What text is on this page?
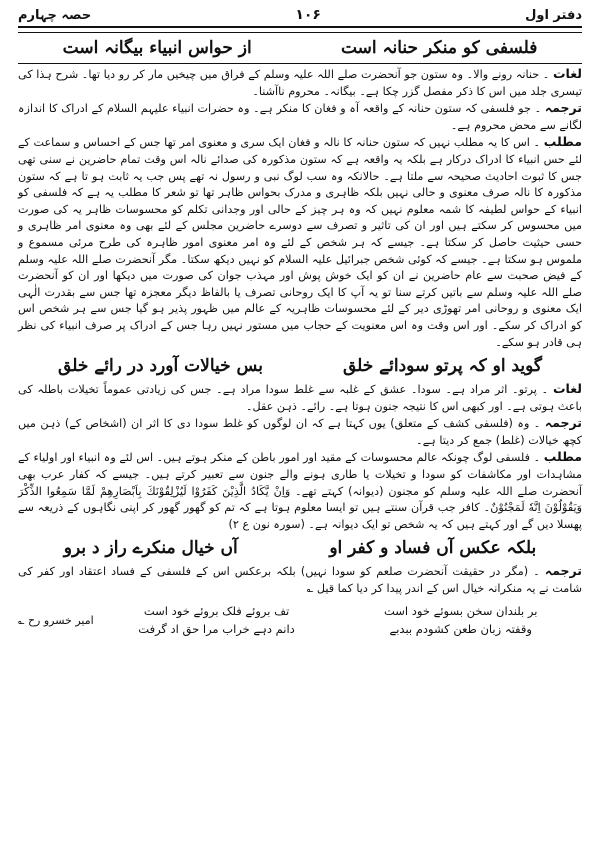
دفتر اول
۱۰۶
حصہ چہارم
فلسفی کو منکر حنانہ است
از حواس انبیاء بیگانہ است

لغات ۔ حنانہ رونے والا۔ وہ ستون جو آنحضرت صلے اللہ علیہ وسلم کے فراق میں چیخیں مار کر رو دیا تھا۔ شرح ہذا کی تیسری جلد میں اس کا ذکر مفصل گزر چکا ہے۔ بیگانہ۔ محروم ناآشنا۔

ترجمہ ۔ جو فلسفی کہ ستون حنانہ کے واقعہ آہ و فغان کا منکر ہے۔ وہ حضرات انبیاء علیہم السلام کے ادراک کا اندازہ لگانے سے محض محروم ہے۔

مطلب ۔ اس کا یہ مطلب نہیں کہ ستون حنانہ کا نالہ و فغان ایک سری و معنوی امر تھا جس کے احساس و سماعت کے لئے حس انبیاء کا ادراک درکار ہے بلکہ یہ واقعہ ہے کہ ستون مذکورہ کی صدائے نالہ اس وقت تمام حاضرین نے سنی تھی جس کا ثبوت احادیث صحیحہ سے ملتا ہے۔ حالانکہ وہ سب لوگ نبی و رسول نہ تھے پس جب یہ ثابت ہو تا ہے کہ ستون مذکورہ کا نالہ صرف معنوی و حالی نہیں بلکہ ظاہری و مدرک بحواس ظاہر تھا تو شعر کا مطلب یہ ہے کہ فلسفی کو انبیاء کے حواس لطیفہ کا شمہ معلوم نہیں کہ وہ ہر چیز کے حالی اور وجدانی تکلم کو محسوسات ظاہر یہ کی صورت میں محسوس کر سکتے ہیں اور ان کی تاثیر و تصرف سے دوسرے حاضرین مجلس کے لئے بھی وہ معنوی امر ظاہری و حسی حیثیت حاصل کر سکتا ہے۔ جیسے کہ ہر شخص کے لئے وہ امر معنوی امور ظاہرہ کی طرح مرئی مسموع و ملموس ہو سکتا ہے۔ جیسے کہ کوئی شخص جبرائیل علیہ السلام کو نہیں دیکھ سکتا۔ مگر آنحضرت صلے اللہ علیہ وسلم کے فیض صحبت سے عام حاضرین نے ان کو ایک خوش پوش اور مہذب جوان کی صورت میں دیکھا اور ان کو آنحضرت صلے اللہ علیہ وسلم سے باتیں کرتے سنا تو یہ آپ کا ایک روحانی تصرف یا بالفاظ دیگر معجزہ تھا جس سے بقدرت الٰہی ایک معنوی و روحانی امر تھوڑی دیر کے لئے محسوسات ظاہریہ کے عالم میں ظہور پذیر ہو گیا جس سے ہر شخص اس کو ادراک کر سکے۔ اور اس وقت وہ اس معنویت کے حجاب میں مستور نہیں رہا جس کے ادراک پر صرف انبیاء کی نظر ہی قادر ہو سکے۔

گوید او کہ پرتو سودائے خلق
بس خیالات آورد در رائے خلق

لغات ۔ پرتو۔ اثر مراد ہے۔ سودا۔ عشق کے غلبہ سے غلط سودا مراد ہے۔ جس کی زیادتی عموماً تخیلات باطلہ کی باعث ہوتی ہے۔ اور کبھی اس کا نتیجہ جنون ہوتا ہے۔ رائے۔ ذہن عقل۔

ترجمہ ۔ وہ (فلسفی کشف کے متعلق) یوں کہتا ہے کہ ان لوگوں کو غلط سودا دی کا اثر ان (اشخاص کے) ذہن میں کچھ خیالات (غلط) جمع کر دیتا ہے۔

مطلب ۔ فلسفی لوگ چونکہ عالم محسوسات کے مقید اور امور باطن کے منکر ہوتے ہیں۔ اس لئے وہ انبیاء اور اولیاء کے مشاہدات اور مکاشفات کو سودا و تخیلات یا طاری ہونے والے جنون سے تعبیر کرتے ہیں۔ جیسے کہ کفار عرب بھی آنحضرت صلے اللہ علیہ وسلم کو مجنون (دیوانہ) کہتے تھے۔ وَاِنْ يَّكَادُ الَّذِيْنَ كَفَرُوْا لَيُزْلِقُوْنَكَ بِاَبْصَارِهِمْ لَمَّا سَمِعُوا الذِّكْرَ وَيَقُوْلُوْنَ اِنَّهٗ لَمَجْنُوْنٌ۔ کافر جب قرآن سنتے ہیں تو ایسا معلوم ہوتا ہے کہ تم کو گھور گھور کر اپنی نگاہوں کے ذریعہ سے پھسلا دیں گے اور کہتے ہیں کہ یہ شخص تو ایک دیوانہ ہے۔ (سورہ نون ع ۲)

بلکہ عکس آں فساد و کفر او
آں خیال منکرے راز د برو

ترجمہ ۔ (مگر در حقیقت آنحضرت صلعم کو سودا نہیں) بلکہ برعکس اس کے فلسفی کے فساد اعتقاد اور کفر کی شامت نے یہ منکرانہ خیال اس کے اندر پیدا کر دیا کما قیل ؎

بر بلندان سخن بسوئے خود است
وقفتہ زبان طعن کشودم ببدبے
تف بروئے فلک بروئے خود است
دانم دہے خراب مرا حق اد گرفت
امیر خسرو رح ؎
